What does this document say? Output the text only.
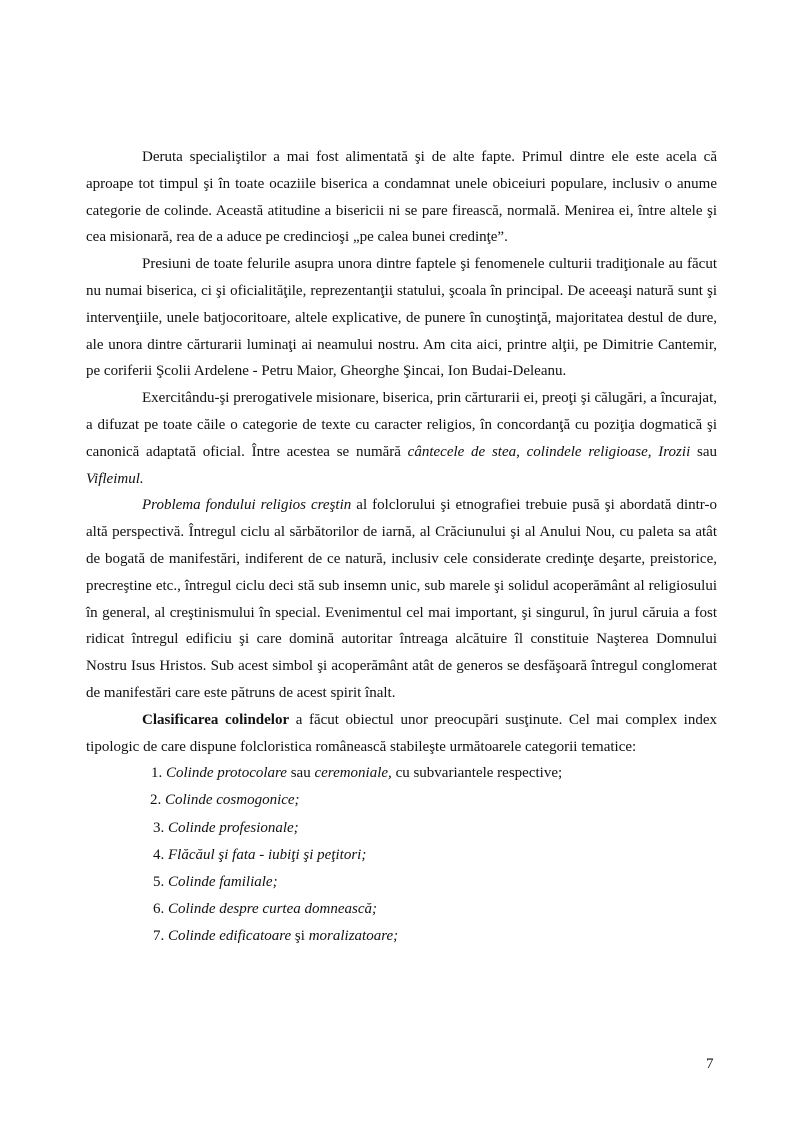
Deruta specialiştilor a mai fost alimentată şi de alte fapte. Primul dintre ele este acela că aproape tot timpul şi în toate ocaziile biserica a condamnat unele obiceiuri populare, inclusiv o anume categorie de colinde. Această atitudine a bisericii ni se pare firească, normală. Menirea ei, între altele şi cea misionară, rea de a aduce pe credincioşi „pe calea bunei credinţe”.

Presiuni de toate felurile asupra unora dintre faptele şi fenomenele culturii tradiţionale au făcut nu numai biserica, ci şi oficialităţile, reprezentanţii statului, şcoala în principal. De aceeaşi natură sunt şi intervenţiile, unele batjocoritoare, altele explicative, de punere în cunoştinţă, majoritatea destul de dure, ale unora dintre cărturarii luminaţi ai neamului nostru. Am cita aici, printre alţii, pe Dimitrie Cantemir, pe coriferii Şcolii Ardelene - Petru Maior, Gheorghe Şincai, Ion Budai-Deleanu.

Exercitându-şi prerogativele misionare, biserica, prin cărturarii ei, preoţi şi călugări, a încurajat, a difuzat pe toate căile o categorie de texte cu caracter religios, în concordanţă cu poziţia dogmatică şi canonică adaptată oficial. Între acestea se numără cântecele de stea, colindele religioase, Irozii sau Vifleimul.

Problema fondului religios creştin al folclorului şi etnografiei trebuie pusă şi abordată dintr-o altă perspectivă. Întregul ciclu al sărbătorilor de iarnă, al Crăciunului şi al Anului Nou, cu paleta sa atât de bogată de manifestări, indiferent de ce natură, inclusiv cele considerate credinţe deşarte, preistorice, precreştine etc., întregul ciclu deci stă sub insemn unic, sub marele şi solidul acoperământ al religiosului în general, al creştinismului în special. Evenimentul cel mai important, şi singurul, în jurul căruia a fost ridicat întregul edificiu şi care domină autoritar întreaga alcătuire îl constituie Naşterea Domnului Nostru Isus Hristos. Sub acest simbol şi acoperământ atât de generos se desfăşoară întregul conglomerat de manifestări care este pătruns de acest spirit înalt.

Clasificarea colindelor a făcut obiectul unor preocupări susţinute. Cel mai complex index tipologic de care dispune folcloristica românească stabileşte următoarele categorii tematice:

1. Colinde protocolare sau ceremoniale, cu subvariantele respective;
2. Colinde cosmogonice;
3. Colinde profesionale;
4. Flăcăul şi fata - iubiţi şi peţitori;
5. Colinde familiale;
6. Colinde despre curtea domnească;
7. Colinde edificatoare şi moralizatoare;
7
